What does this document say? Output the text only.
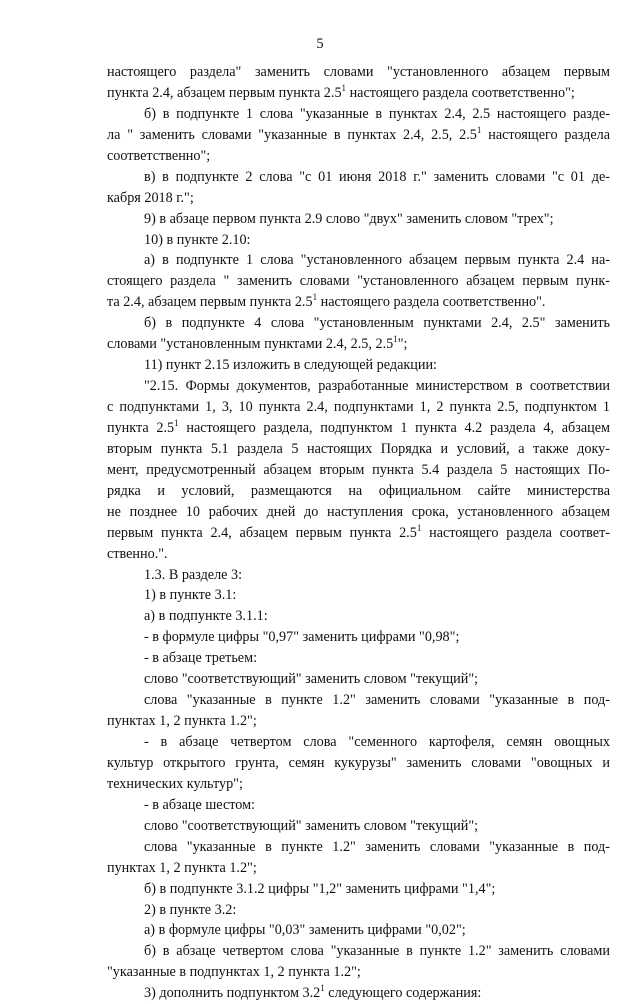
5
настоящего раздела" заменить словами "установленного абзацем первым
пункта 2.4, абзацем первым пункта $2.5^1$ настоящего раздела соответственно";
б) в подпункте 1 слова "указанные в пунктах 2.4, 2.5 настоящего разде-
ла " заменить словами "указанные в пунктах 2.4, 2.5, $2.5^1$ настоящего раздела
соответственно";
в) в подпункте 2 слова "с 01 июня 2018 г." заменить словами "с 01 де-
кабря 2018 г.";
9) в абзаце первом пункта 2.9 слово "двух" заменить словом "трех";
10) в пункте 2.10:
а) в подпункте 1 слова "установленного абзацем первым пункта 2.4 на-
стоящего раздела " заменить словами "установленного абзацем первым пунк-
та 2.4, абзацем первым пункта $2.5^1$ настоящего раздела соответственно".
б) в подпункте 4 слова "установленным пунктами 2.4, 2.5" заменить
словами "установленным пунктами 2.4, 2.5, $2.5^1$";
11) пункт 2.15 изложить в следующей редакции:
"2.15. Формы документов, разработанные министерством в соответствии
с подпунктами 1, 3, 10 пункта 2.4, подпунктами 1, 2 пункта 2.5, подпунктом 1
пункта $2.5^1$ настоящего раздела, подпунктом 1 пункта 4.2 раздела 4, абзацем
вторым пункта 5.1 раздела 5 настоящих Порядка и условий, а также доку-
мент, предусмотренный абзацем вторым пункта 5.4 раздела 5 настоящих По-
рядка и условий, размещаются на официальном сайте министерства
не позднее 10 рабочих дней до наступления срока, установленного абзацем
первым пункта 2.4, абзацем первым пункта $2.5^1$ настоящего раздела соответ-
ственно.".
1.3. В разделе 3:
1) в пункте 3.1:
а) в подпункте 3.1.1:
- в формуле цифры "0,97" заменить цифрами "0,98";
- в абзаце третьем:
слово "соответствующий" заменить словом "текущий";
слова "указанные в пункте 1.2" заменить словами "указанные в под-
пунктах 1, 2 пункта 1.2";
- в абзаце четвертом слова "семенного картофеля, семян овощных
культур открытого грунта, семян кукурузы" заменить словами "овощных и
технических культур";
- в абзаце шестом:
слово "соответствующий" заменить словом "текущий";
слова "указанные в пункте 1.2" заменить словами "указанные в под-
пунктах 1, 2 пункта 1.2";
б) в подпункте 3.1.2 цифры "1,2" заменить цифрами "1,4";
2) в пункте 3.2:
а) в формуле цифры "0,03" заменить цифрами "0,02";
б) в абзаце четвертом слова "указанные в пункте 1.2" заменить словами
"указанные в подпунктах 1, 2 пункта 1.2";
3) дополнить подпунктом $3.2^1$ следующего содержания:
